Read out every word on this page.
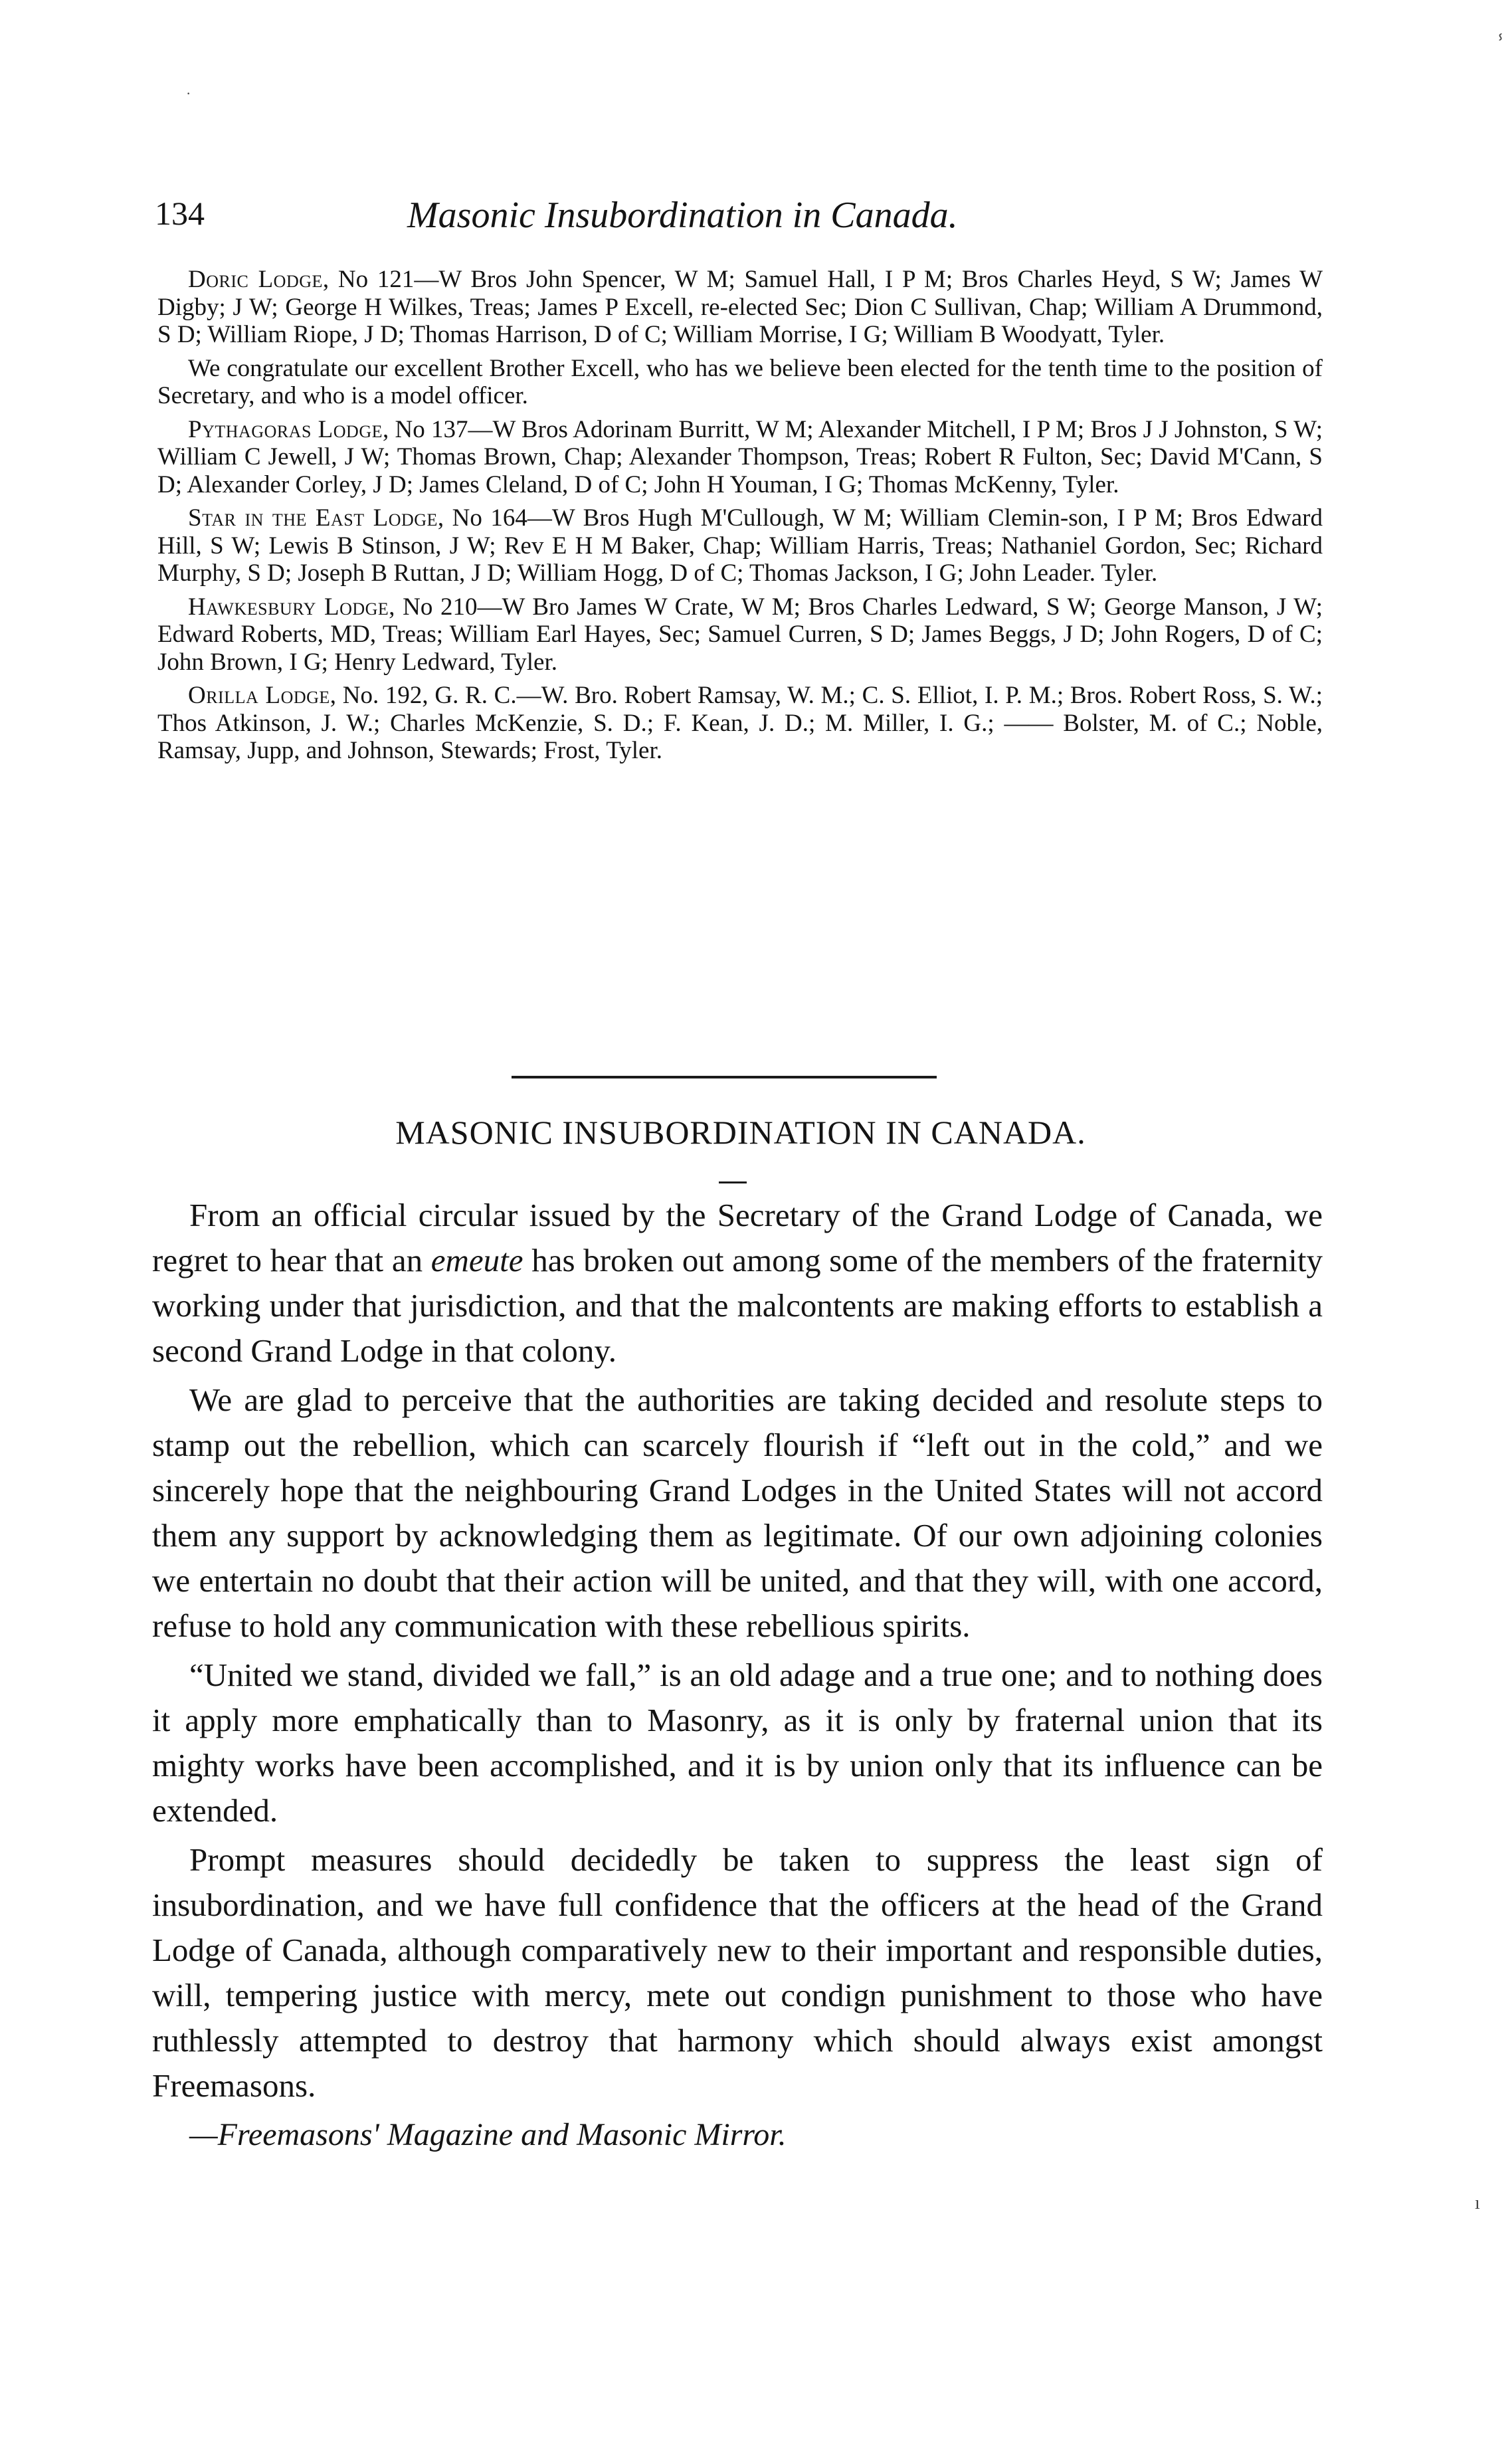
ⸯ
·
134	Masonic Insubordination in Canada.

Doric Lodge, No 121—W Bros John Spencer, W M; Samuel Hall, I P M; Bros Charles Heyd, S W; James W Digby; J W; George H Wilkes, Treas; James P Excell, re-elected Sec; Dion C Sullivan, Chap; William A Drummond, S D; William Riope, J D; Thomas Harrison, D of C; William Morrise, I G; William B Woodyatt, Tyler.

We congratulate our excellent Brother Excell, who has we believe been elected for the tenth time to the position of Secretary, and who is a model officer.

Pythagoras Lodge, No 137—W Bros Adorinam Burritt, W M; Alexander Mitchell, I P M; Bros J J Johnston, S W; William C Jewell, J W; Thomas Brown, Chap; Alexander Thompson, Treas; Robert R Fulton, Sec; David M'Cann, S D; Alexander Corley, J D; James Cleland, D of C; John H Youman, I G; Thomas McKenny, Tyler.

Star in the East Lodge, No 164—W Bros Hugh M'Cullough, W M; William Clemin-son, I P M; Bros Edward Hill, S W; Lewis B Stinson, J W; Rev E H M Baker, Chap; William Harris, Treas; Nathaniel Gordon, Sec; Richard Murphy, S D; Joseph B Ruttan, J D; William Hogg, D of C; Thomas Jackson, I G; John Leader. Tyler.

Hawkesbury Lodge, No 210—W Bro James W Crate, W M; Bros Charles Ledward, S W; George Manson, J W; Edward Roberts, MD, Treas; William Earl Hayes, Sec; Samuel Curren, S D; James Beggs, J D; John Rogers, D of C; John Brown, I G; Henry Ledward, Tyler.

Orilla Lodge, No. 192, G. R. C.—W. Bro. Robert Ramsay, W. M.; C. S. Elliot, I. P. M.; Bros. Robert Ross, S. W.; Thos Atkinson, J. W.; Charles McKenzie, S. D.; F. Kean, J. D.; M. Miller, I. G.; —— Bolster, M. of C.; Noble, Ramsay, Jupp, and Johnson, Stewards; Frost, Tyler.

MASONIC INSUBORDINATION IN CANADA.

From an official circular issued by the Secretary of the Grand Lodge of Canada, we regret to hear that an emeute has broken out among some of the members of the fraternity working under that jurisdiction, and that the malcontents are making efforts to establish a second Grand Lodge in that colony.

We are glad to perceive that the authorities are taking decided and resolute steps to stamp out the rebellion, which can scarcely flourish if “left out in the cold,” and we sincerely hope that the neighbouring Grand Lodges in the United States will not accord them any support by acknowledging them as legitimate. Of our own adjoining colonies we entertain no doubt that their action will be united, and that they will, with one accord, refuse to hold any communication with these rebellious spirits.

“United we stand, divided we fall,” is an old adage and a true one; and to nothing does it apply more emphatically than to Masonry, as it is only by fraternal union that its mighty works have been accomplished, and it is by union only that its influence can be extended.

Prompt measures should decidedly be taken to suppress the least sign of insubordination, and we have full confidence that the officers at the head of the Grand Lodge of Canada, although comparatively new to their important and responsible duties, will, tempering justice with mercy, mete out condign punishment to those who have ruthlessly attempted to destroy that harmony which should always exist amongst Freemasons.

—Freemasons' Magazine and Masonic Mirror.

ı
